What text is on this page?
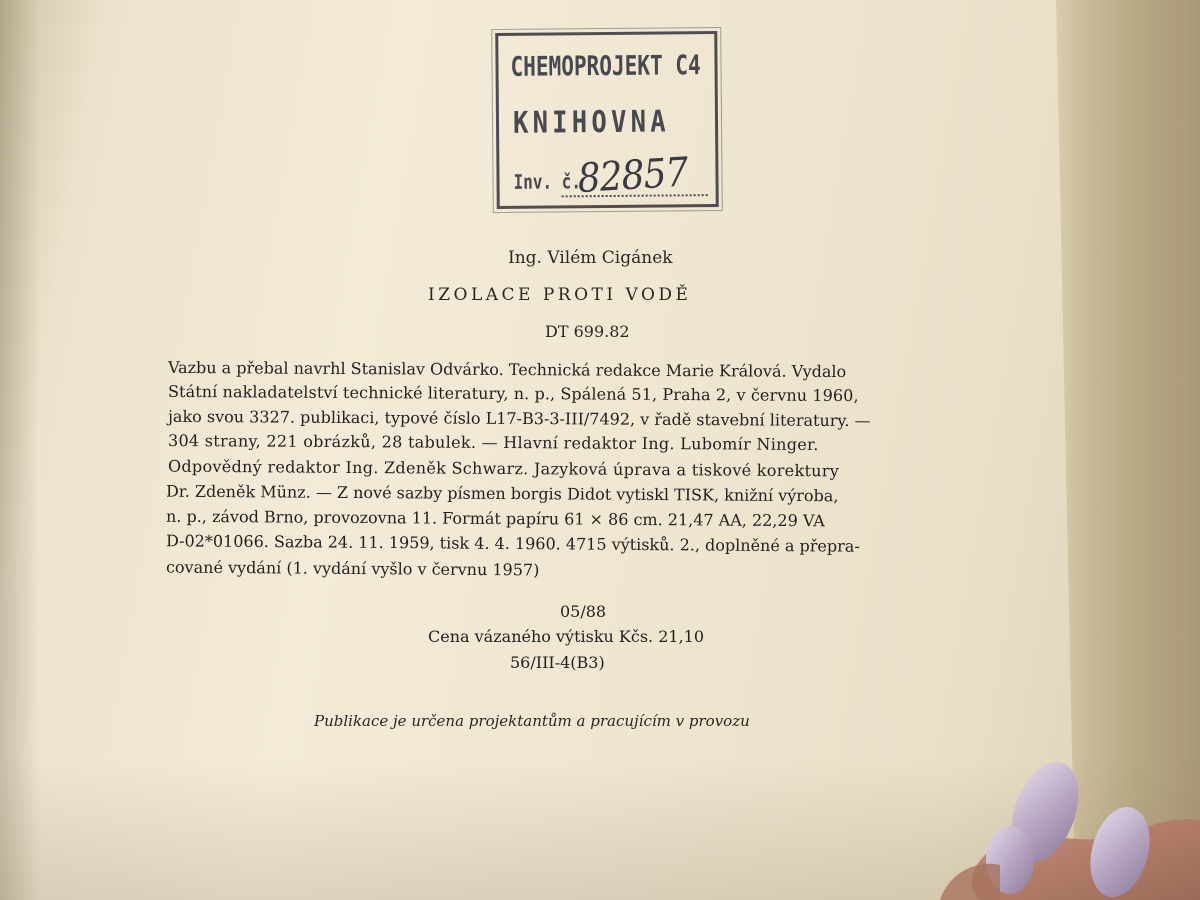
CHEMOPROJEKT C4
KNIHOVNA
Inv. č.
82857
Ing. Vilém Cigánek
IZOLACE PROTI VODĚ
DT 699.82
Vazbu a přebal navrhl Stanislav Odvárko. Technická redakce Marie Králová. Vydalo
Státní nakladatelství technické literatury, n. p., Spálená 51, Praha 2, v červnu 1960,
jako svou 3327. publikaci, typové číslo L17-B3-3-III/7492, v řadě stavební literatury. —
304 strany, 221 obrázků, 28 tabulek. — Hlavní redaktor Ing. Lubomír Ninger.
Odpovědný redaktor Ing. Zdeněk Schwarz. Jazyková úprava a tiskové korektury
Dr. Zdeněk Münz. — Z nové sazby písmen borgis Didot vytiskl TISK, knižní výroba,
n. p., závod Brno, provozovna 11. Formát papíru 61 × 86 cm. 21,47 AA, 22,29 VA
D-02*01066. Sazba 24. 11. 1959, tisk 4. 4. 1960. 4715 výtisků. 2., doplněné a přepra-
cované vydání (1. vydání vyšlo v červnu 1957)
05/88
Cena vázaného výtisku Kčs. 21,10
56/III-4(B3)
Publikace je určena projektantům a pracujícím v provozu
